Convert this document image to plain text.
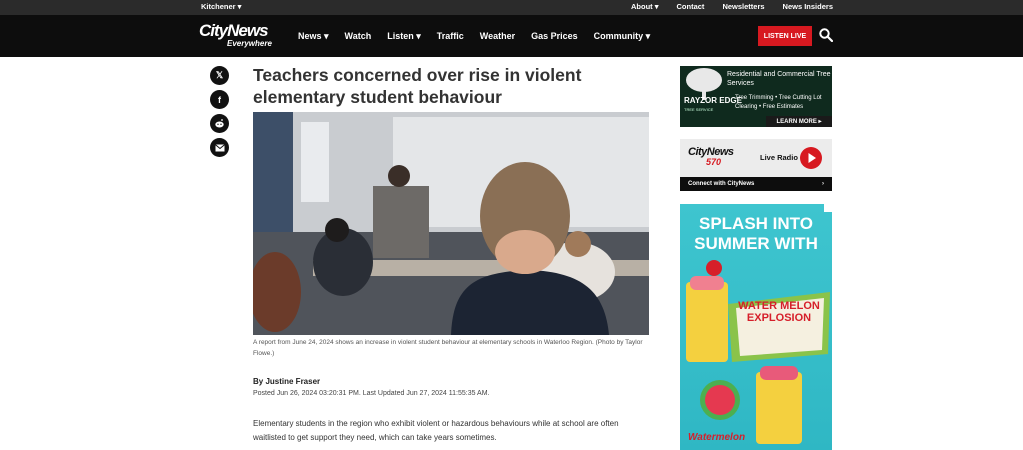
Kitchener ▾	About ▾ Contact Newsletters News Insiders
CityNews
Everywhere
News ▾ Watch Listen ▾ Traffic Weather Gas Prices Community ▾	LISTEN LIVE
𝕏
f
Teachers concerned over rise in violent elementary student behaviour

A report from June 24, 2024 shows an increase in violent student behaviour at elementary schools in Waterloo Region. (Photo by Taylor Flowe.)

By Justine Fraser
Posted Jun 26, 2024 03:20:31 PM. Last Updated Jun 27, 2024 11:55:35 AM.

Elementary students in the region who exhibit violent or hazardous behaviours while at school are often waitlisted to get support they need, which can take years sometimes.

RAYZOR EDGE
TREE SERVICE
Residential and Commercial Tree Services
Tree Trimming • Tree Cutting Lot Clearing • Free Estimates
LEARN MORE ▸
CityNews
570	Live Radio
Connect with CityNews	›
SPLASH INTO SUMMER WITH
WATER MELON EXPLOSION
Watermelon
